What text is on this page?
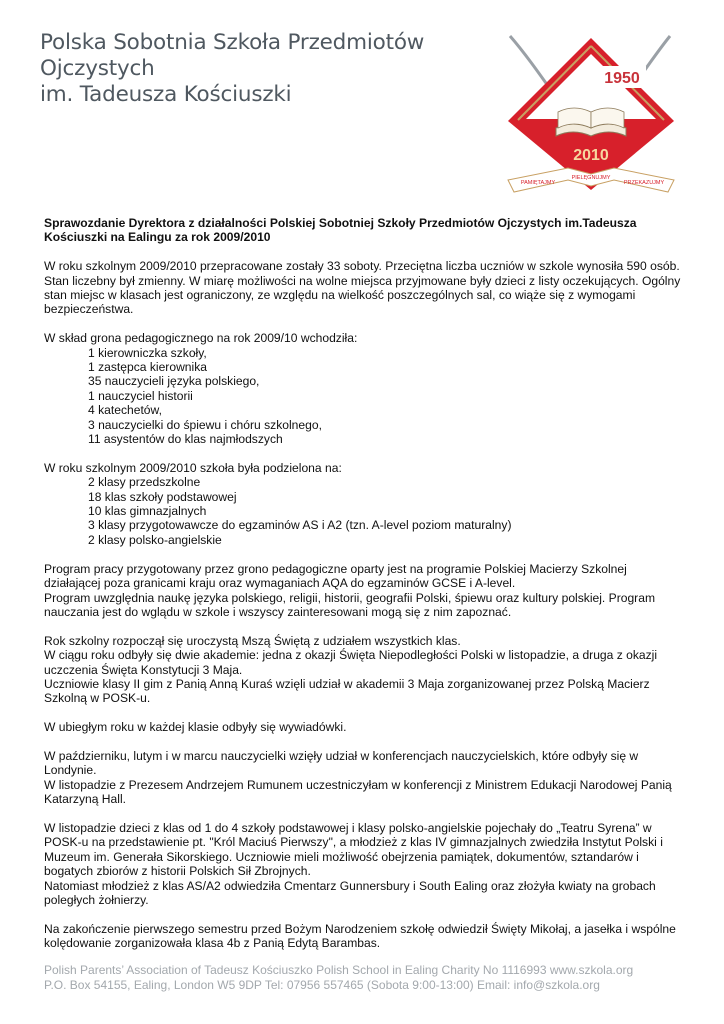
Polska Sobotnia Szkoła Przedmiotów Ojczystych
im. Tadeusza Kościuszki
1950
2010
PAMIĘTAJMY
PIELĘGNUJMY
PRZEKAZUJMY

Sprawozdanie Dyrektora z działalności Polskiej Sobotniej Szkoły Przedmiotów Ojczystych im.Tadeusza Kościuszki na Ealingu za rok 2009/2010

W roku szkolnym 2009/2010 przepracowane zostały 33 soboty. Przeciętna liczba uczniów w szkole wynosiła 590 osób. Stan liczebny był zmienny. W miarę możliwości na wolne miejsca przyjmowane były dzieci z listy oczekujących. Ogólny stan miejsc w klasach jest ograniczony, ze względu na wielkość poszczególnych sal, co wiąże się z wymogami bezpieczeństwa.

W skład grona pedagogicznego na rok 2009/10 wchodziła:
1 kierowniczka szkoły,
1 zastępca kierownika
35 nauczycieli języka polskiego,
1 nauczyciel historii
4 katechetów,
3 nauczycielki do śpiewu i chóru szkolnego,
11 asystentów do klas najmłodszych
W roku szkolnym 2009/2010 szkoła była podzielona na:
2 klasy przedszkolne
18 klas szkoły podstawowej
10 klas gimnazjalnych
3 klasy przygotowawcze do egzaminów AS i A2 (tzn. A-level poziom maturalny)
2 klasy polsko-angielskie

Program pracy przygotowany przez grono pedagogiczne oparty jest na programie Polskiej Macierzy Szkolnej działającej poza granicami kraju oraz wymaganiach AQA do egzaminów GCSE i A-level.
Program uwzględnia naukę języka polskiego, religii, historii, geografii Polski, śpiewu oraz kultury polskiej. Program nauczania jest do wglądu w szkole i wszyscy zainteresowani mogą się z nim zapoznać.

Rok szkolny rozpoczął się uroczystą Mszą Świętą z udziałem wszystkich klas.
W ciągu roku odbyły się dwie akademie: jedna z okazji Święta Niepodległości Polski w listopadzie, a druga z okazji uczczenia Święta Konstytucji 3 Maja.
Uczniowie klasy II gim z Panią Anną Kuraś wzięli udział w akademii 3 Maja zorganizowanej przez Polską Macierz Szkolną w POSK-u.

W ubiegłym roku w każdej klasie odbyły się wywiadówki.

W październiku, lutym i w marcu nauczycielki wzięły udział w konferencjach nauczycielskich, które odbyły się w Londynie.
W listopadzie z Prezesem Andrzejem Rumunem uczestniczyłam w konferencji z Ministrem Edukacji Narodowej Panią Katarzyną Hall.

W listopadzie dzieci z klas od 1 do 4 szkoły podstawowej i klasy polsko-angielskie pojechały do „Teatru Syrena” w POSK-u na przedstawienie pt. "Król Maciuś Pierwszy", a młodzież z klas IV gimnazjalnych zwiedziła Instytut Polski i Muzeum im. Generała Sikorskiego. Uczniowie mieli możliwość obejrzenia pamiątek, dokumentów, sztandarów i bogatych zbiorów z historii Polskich Sił Zbrojnych.
Natomiast młodzież z klas AS/A2 odwiedziła Cmentarz Gunnersbury i South Ealing oraz złożyła kwiaty na grobach poległych żołnierzy.

Na zakończenie pierwszego semestru przed Bożym Narodzeniem szkołę odwiedził Święty Mikołaj, a jasełka i wspólne kolędowanie zorganizowała klasa 4b z Panią Edytą Barambas.

Polish Parents’ Association of Tadeusz Kościuszko Polish School in Ealing Charity No 1116993 www.szkola.org
P.O. Box 54155, Ealing, London W5 9DP Tel: 07956 557465 (Sobota 9:00-13:00) Email: info@szkola.org
